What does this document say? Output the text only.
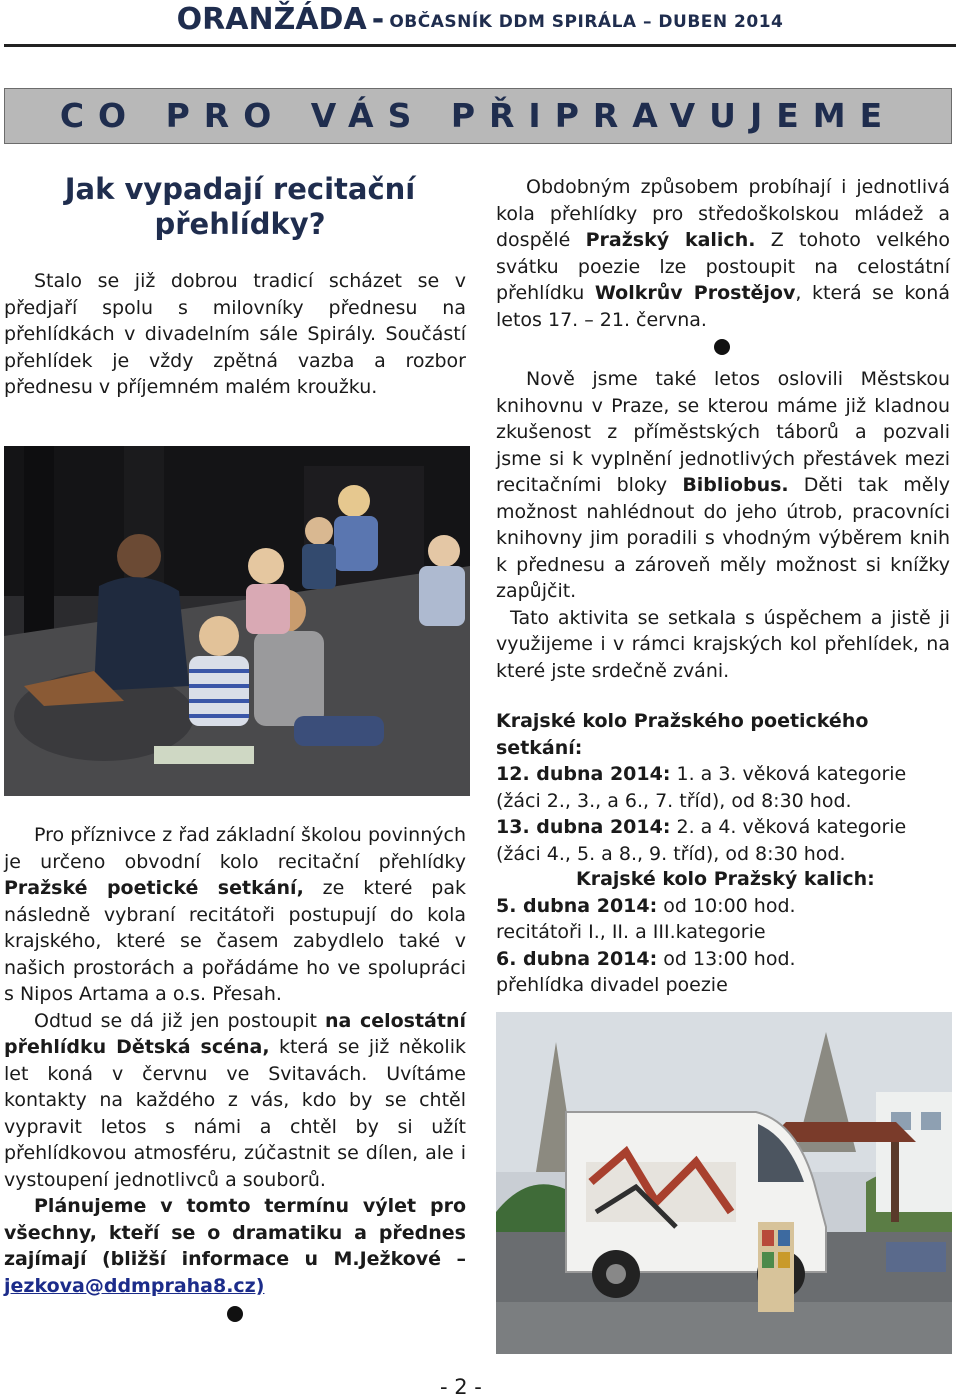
ORANŽÁDA - OBČASNÍK DDM SPIRÁLA – DUBEN 2014
CO PRO VÁS PŘIPRAVUJEME
Jak vypadají recitační přehlídky?

Stalo se již dobrou tradicí scházet se v předjaří spolu s milovníky přednesu na přehlídkách v divadelním sále Spirály. Součástí přehlídek je vždy zpětná vazba a rozbor přednesu v příjemném malém kroužku.

Pro příznivce z řad základní školou povinných je určeno obvodní kolo recitační přehlídky Pražské poetické setkání, ze které pak následně vybraní recitátoři postupují do kola krajského, které se časem zabydlelo také v našich prostorách a pořádáme ho ve spolupráci s Nipos Artama a o.s. Přesah.

Odtud se dá již jen postoupit na celostátní přehlídku Dětská scéna, která se již několik let koná v červnu ve Svitavách. Uvítáme kontakty na každého z vás, kdo by se chtěl vypravit letos s námi a chtěl by si užít přehlídkovou atmosféru, zúčastnit se dílen, ale i vystoupení jednotlivců a souborů.

Plánujeme v tomto termínu výlet pro všechny, kteří se o dramatiku a přednes zajímají (bližší informace u M.Ježkové – jezkova@ddmpraha8.cz)

Obdobným způsobem probíhají i jednotlivá kola přehlídky pro středoškolskou mládež a dospělé Pražský kalich. Z tohoto velkého svátku poezie lze postoupit na celostátní přehlídku Wolkrův Prostějov, která se koná letos 17. – 21. června.

Nově jsme také letos oslovili Městskou knihovnu v Praze, se kterou máme již kladnou zkušenost z příměstských táborů a pozvali jsme si k vyplnění jednotlivých přestávek mezi recitačními bloky Bibliobus. Děti tak měly možnost nahlédnout do jeho útrob, pracovníci knihovny jim poradili s vhodným výběrem knih k přednesu a zároveň měly možnost si knížky zapůjčit.

Tato aktivita se setkala s úspěchem a jistě ji využijeme i v rámci krajských kol přehlídek, na které jste srdečně zváni.

Krajské kolo Pražského poetického setkání:

12. dubna 2014: 1. a 3. věková kategorie (žáci 2., 3., a 6., 7. tříd), od 8:30 hod.

13. dubna 2014: 2. a 4. věková kategorie (žáci 4., 5. a 8., 9. tříd), od 8:30 hod.

Krajské kolo Pražský kalich:

5. dubna 2014: od 10:00 hod.

recitátoři I., II. a III.kategorie

6. dubna 2014: od 13:00 hod.

přehlídka divadel poezie

- 2 -
